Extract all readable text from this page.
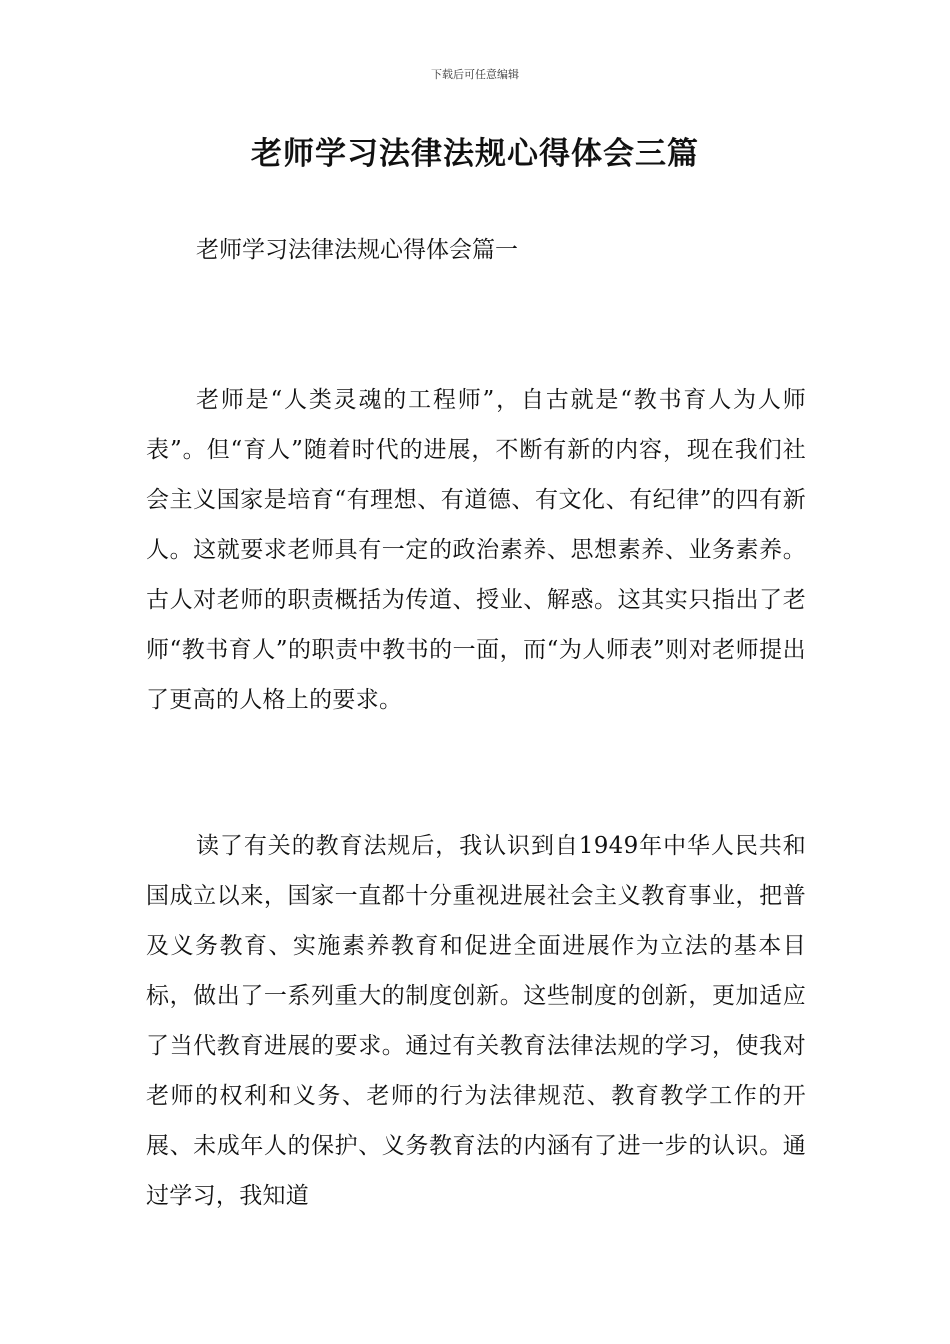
下载后可任意编辑
老师学习法律法规心得体会三篇
老师学习法律法规心得体会篇一

老师是“人类灵魂的工程师”，自古就是“教书育人为人师表”。但“育人”随着时代的进展，不断有新的内容，现在我们社会主义国家是培育“有理想、有道德、有文化、有纪律”的四有新人。这就要求老师具有一定的政治素养、思想素养、业务素养。古人对老师的职责概括为传道、授业、解惑。这其实只指出了老师“教书育人”的职责中教书的一面，而“为人师表”则对老师提出了更高的人格上的要求。

读了有关的教育法规后，我认识到自1949年中华人民共和国成立以来，国家一直都十分重视进展社会主义教育事业，把普及义务教育、实施素养教育和促进全面进展作为立法的基本目标，做出了一系列重大的制度创新。这些制度的创新，更加适应了当代教育进展的要求。通过有关教育法律法规的学习，使我对老师的权利和义务、老师的行为法律规范、教育教学工作的开展、未成年人的保护、义务教育法的内涵有了进一步的认识。通过学习，我知道
